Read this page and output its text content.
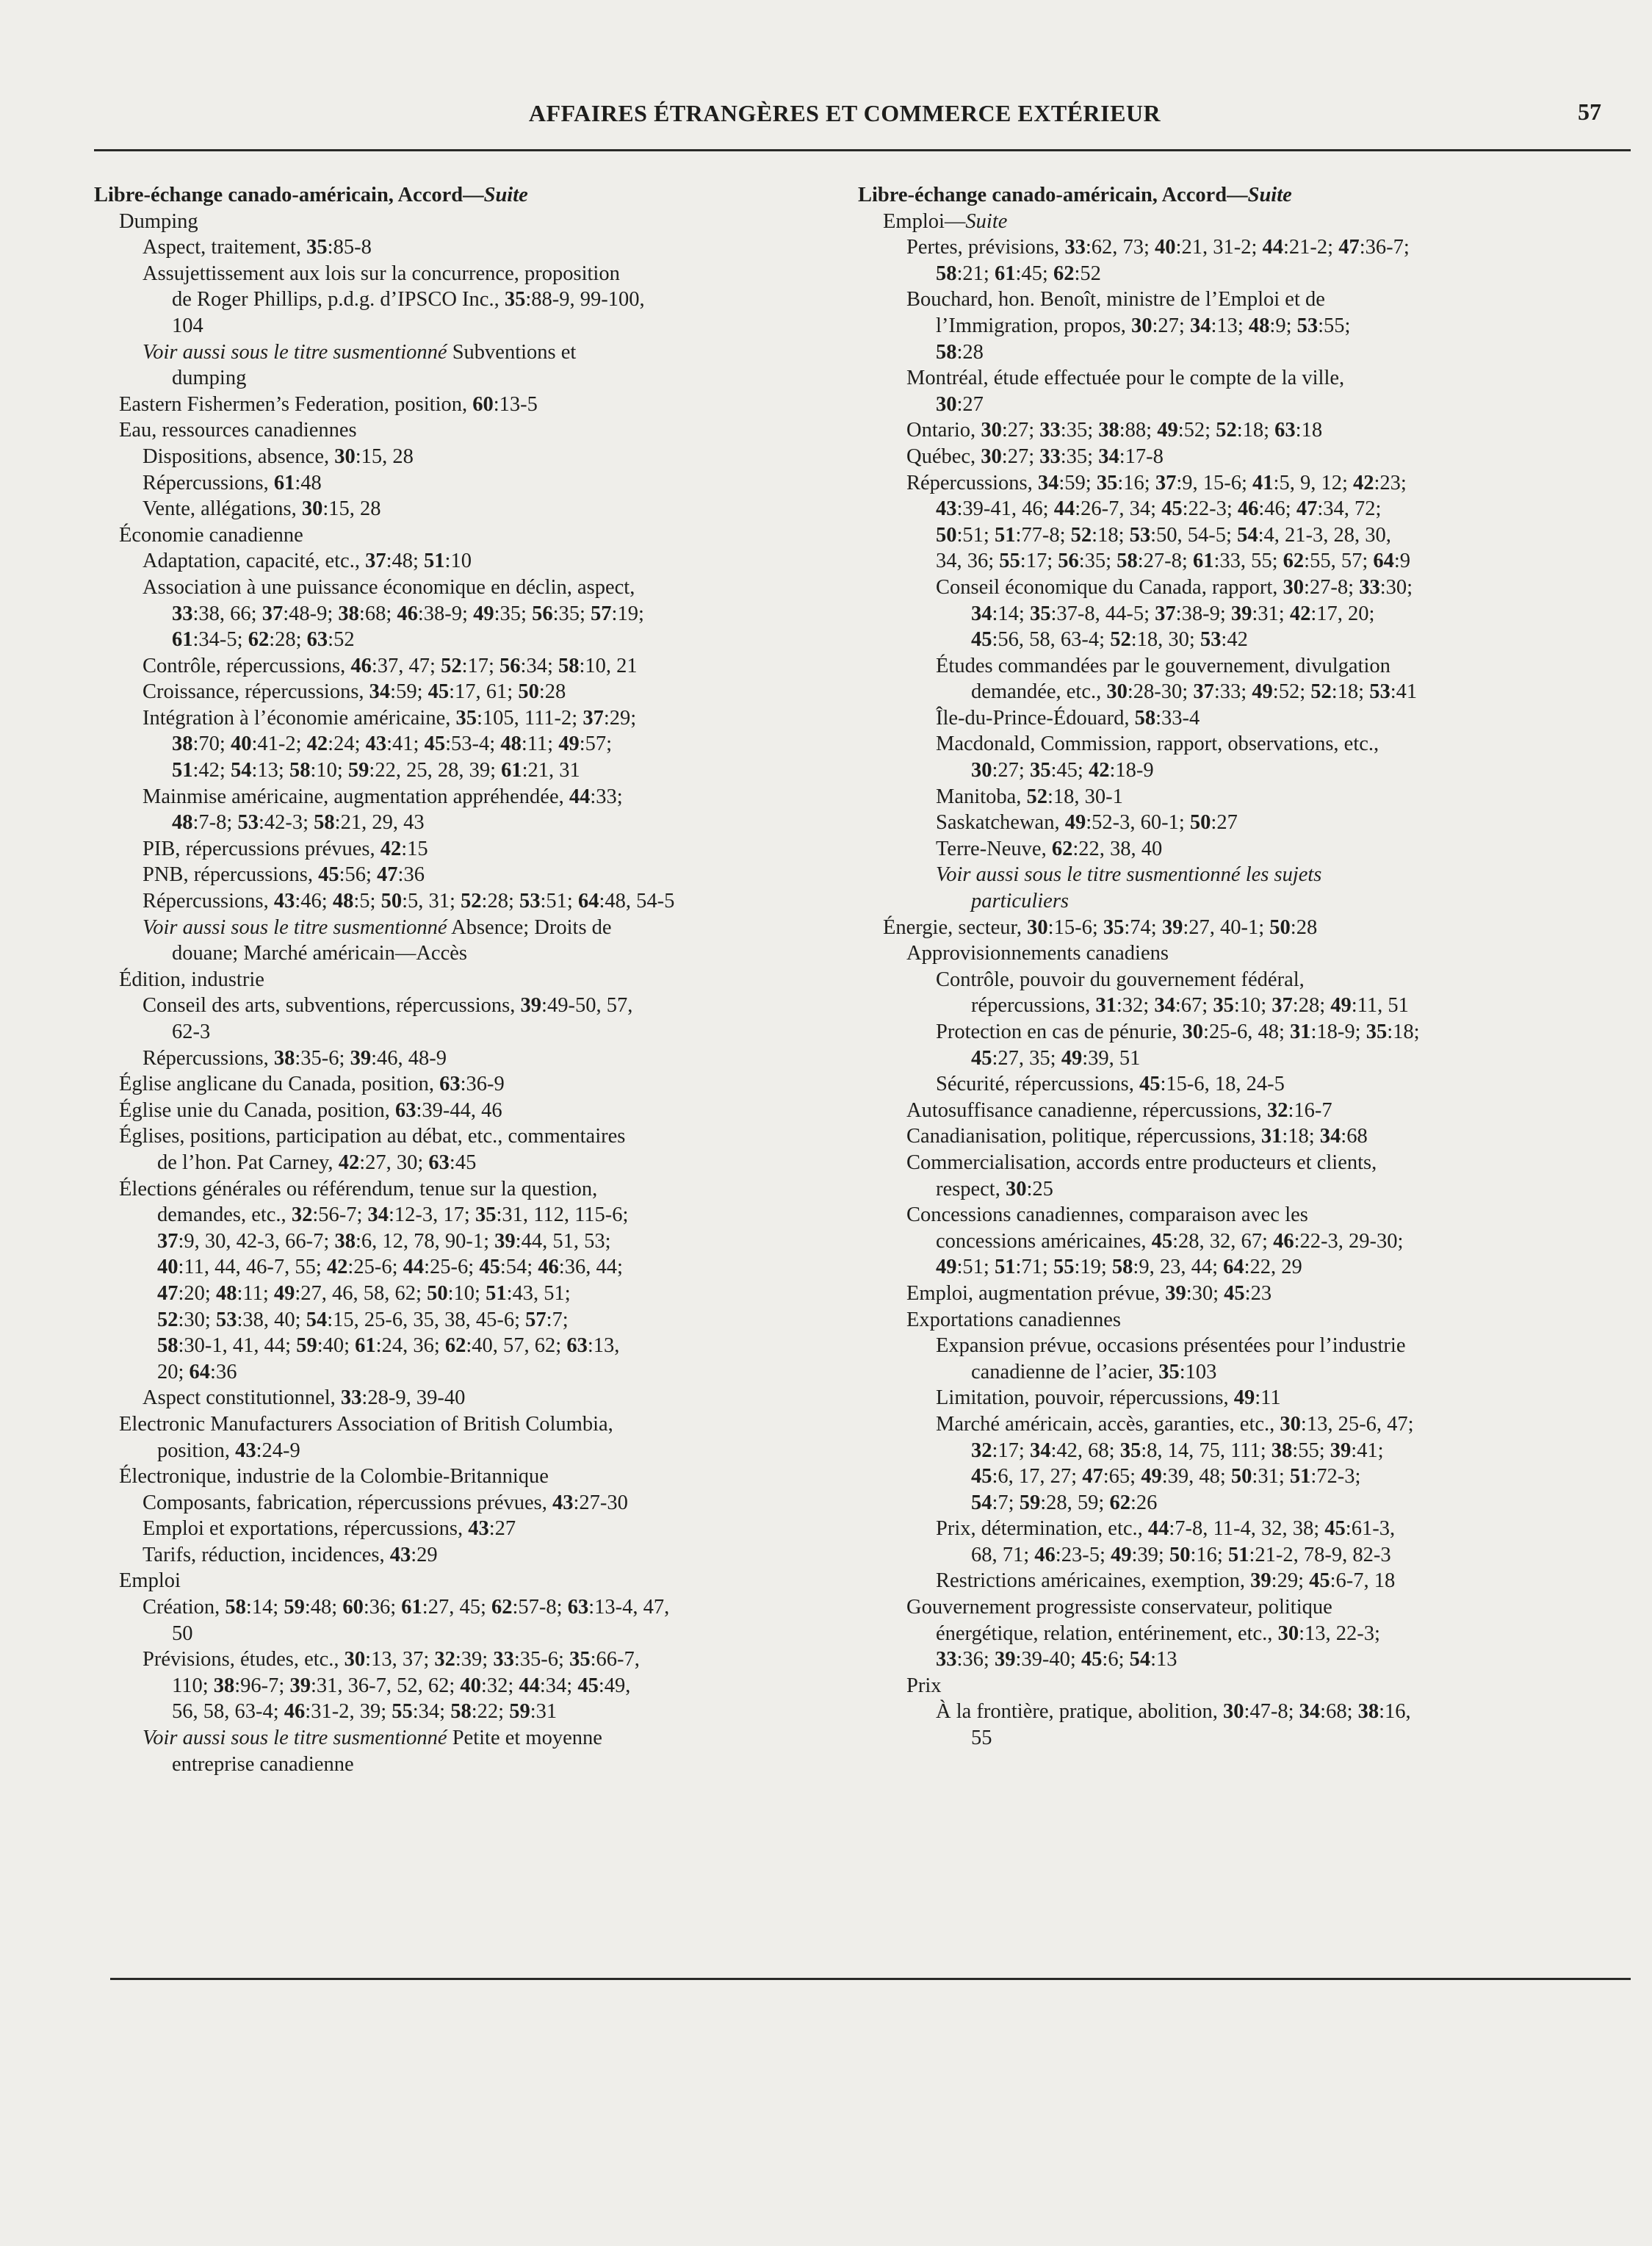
AFFAIRES ÉTRANGÈRES ET COMMERCE EXTÉRIEUR	57
Libre-échange canado-américain, Accord—Suite
Dumping
Aspect, traitement, 35:85-8
Assujettissement aux lois sur la concurrence, proposition
de Roger Phillips, p.d.g. d’IPSCO Inc., 35:88-9, 99-100,
104
Voir aussi sous le titre susmentionné Subventions et
dumping
Eastern Fishermen’s Federation, position, 60:13-5
Eau, ressources canadiennes
Dispositions, absence, 30:15, 28
Répercussions, 61:48
Vente, allégations, 30:15, 28
Économie canadienne
Adaptation, capacité, etc., 37:48; 51:10
Association à une puissance économique en déclin, aspect,
33:38, 66; 37:48-9; 38:68; 46:38-9; 49:35; 56:35; 57:19;
61:34-5; 62:28; 63:52
Contrôle, répercussions, 46:37, 47; 52:17; 56:34; 58:10, 21
Croissance, répercussions, 34:59; 45:17, 61; 50:28
Intégration à l’économie américaine, 35:105, 111-2; 37:29;
38:70; 40:41-2; 42:24; 43:41; 45:53-4; 48:11; 49:57;
51:42; 54:13; 58:10; 59:22, 25, 28, 39; 61:21, 31
Mainmise américaine, augmentation appréhendée, 44:33;
48:7-8; 53:42-3; 58:21, 29, 43
PIB, répercussions prévues, 42:15
PNB, répercussions, 45:56; 47:36
Répercussions, 43:46; 48:5; 50:5, 31; 52:28; 53:51; 64:48, 54-5
Voir aussi sous le titre susmentionné Absence; Droits de
douane; Marché américain—Accès
Édition, industrie
Conseil des arts, subventions, répercussions, 39:49-50, 57,
62-3
Répercussions, 38:35-6; 39:46, 48-9
Église anglicane du Canada, position, 63:36-9
Église unie du Canada, position, 63:39-44, 46
Églises, positions, participation au débat, etc., commentaires
de l’hon. Pat Carney, 42:27, 30; 63:45
Élections générales ou référendum, tenue sur la question,
demandes, etc., 32:56-7; 34:12-3, 17; 35:31, 112, 115-6;
37:9, 30, 42-3, 66-7; 38:6, 12, 78, 90-1; 39:44, 51, 53;
40:11, 44, 46-7, 55; 42:25-6; 44:25-6; 45:54; 46:36, 44;
47:20; 48:11; 49:27, 46, 58, 62; 50:10; 51:43, 51;
52:30; 53:38, 40; 54:15, 25-6, 35, 38, 45-6; 57:7;
58:30-1, 41, 44; 59:40; 61:24, 36; 62:40, 57, 62; 63:13,
20; 64:36
Aspect constitutionnel, 33:28-9, 39-40
Electronic Manufacturers Association of British Columbia,
position, 43:24-9
Électronique, industrie de la Colombie-Britannique
Composants, fabrication, répercussions prévues, 43:27-30
Emploi et exportations, répercussions, 43:27
Tarifs, réduction, incidences, 43:29
Emploi
Création, 58:14; 59:48; 60:36; 61:27, 45; 62:57-8; 63:13-4, 47,
50
Prévisions, études, etc., 30:13, 37; 32:39; 33:35-6; 35:66-7,
110; 38:96-7; 39:31, 36-7, 52, 62; 40:32; 44:34; 45:49,
56, 58, 63-4; 46:31-2, 39; 55:34; 58:22; 59:31
Voir aussi sous le titre susmentionné Petite et moyenne
entreprise canadienne
Libre-échange canado-américain, Accord—Suite
Emploi—Suite
Pertes, prévisions, 33:62, 73; 40:21, 31-2; 44:21-2; 47:36-7;
58:21; 61:45; 62:52
Bouchard, hon. Benoît, ministre de l’Emploi et de
l’Immigration, propos, 30:27; 34:13; 48:9; 53:55;
58:28
Montréal, étude effectuée pour le compte de la ville,
30:27
Ontario, 30:27; 33:35; 38:88; 49:52; 52:18; 63:18
Québec, 30:27; 33:35; 34:17-8
Répercussions, 34:59; 35:16; 37:9, 15-6; 41:5, 9, 12; 42:23;
43:39-41, 46; 44:26-7, 34; 45:22-3; 46:46; 47:34, 72;
50:51; 51:77-8; 52:18; 53:50, 54-5; 54:4, 21-3, 28, 30,
34, 36; 55:17; 56:35; 58:27-8; 61:33, 55; 62:55, 57; 64:9
Conseil économique du Canada, rapport, 30:27-8; 33:30;
34:14; 35:37-8, 44-5; 37:38-9; 39:31; 42:17, 20;
45:56, 58, 63-4; 52:18, 30; 53:42
Études commandées par le gouvernement, divulgation
demandée, etc., 30:28-30; 37:33; 49:52; 52:18; 53:41
Île-du-Prince-Édouard, 58:33-4
Macdonald, Commission, rapport, observations, etc.,
30:27; 35:45; 42:18-9
Manitoba, 52:18, 30-1
Saskatchewan, 49:52-3, 60-1; 50:27
Terre-Neuve, 62:22, 38, 40
Voir aussi sous le titre susmentionné les sujets
particuliers
Énergie, secteur, 30:15-6; 35:74; 39:27, 40-1; 50:28
Approvisionnements canadiens
Contrôle, pouvoir du gouvernement fédéral,
répercussions, 31:32; 34:67; 35:10; 37:28; 49:11, 51
Protection en cas de pénurie, 30:25-6, 48; 31:18-9; 35:18;
45:27, 35; 49:39, 51
Sécurité, répercussions, 45:15-6, 18, 24-5
Autosuffisance canadienne, répercussions, 32:16-7
Canadianisation, politique, répercussions, 31:18; 34:68
Commercialisation, accords entre producteurs et clients,
respect, 30:25
Concessions canadiennes, comparaison avec les
concessions américaines, 45:28, 32, 67; 46:22-3, 29-30;
49:51; 51:71; 55:19; 58:9, 23, 44; 64:22, 29
Emploi, augmentation prévue, 39:30; 45:23
Exportations canadiennes
Expansion prévue, occasions présentées pour l’industrie
canadienne de l’acier, 35:103
Limitation, pouvoir, répercussions, 49:11
Marché américain, accès, garanties, etc., 30:13, 25-6, 47;
32:17; 34:42, 68; 35:8, 14, 75, 111; 38:55; 39:41;
45:6, 17, 27; 47:65; 49:39, 48; 50:31; 51:72-3;
54:7; 59:28, 59; 62:26
Prix, détermination, etc., 44:7-8, 11-4, 32, 38; 45:61-3,
68, 71; 46:23-5; 49:39; 50:16; 51:21-2, 78-9, 82-3
Restrictions américaines, exemption, 39:29; 45:6-7, 18
Gouvernement progressiste conservateur, politique
énergétique, relation, entérinement, etc., 30:13, 22-3;
33:36; 39:39-40; 45:6; 54:13
Prix
À la frontière, pratique, abolition, 30:47-8; 34:68; 38:16,
55
